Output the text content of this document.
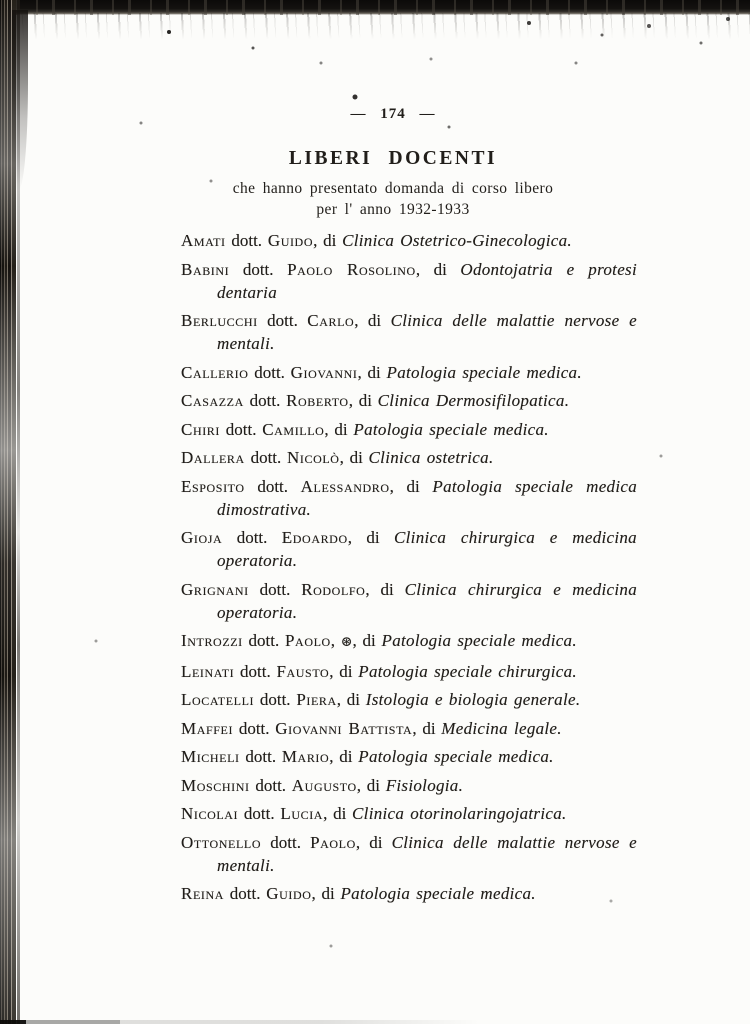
— 174 —
LIBERI DOCENTI
che hanno presentato domanda di corso libero
per l' anno 1932-1933

Amati dott. Guido, di Clinica Ostetrico-Ginecologica.

Babini dott. Paolo Rosolino, di Odontojatria e protesi dentaria

Berlucchi dott. Carlo, di Clinica delle malattie nervose e mentali.

Callerio dott. Giovanni, di Patologia speciale medica.

Casazza dott. Roberto, di Clinica Dermosifilopatica.

Chiri dott. Camillo, di Patologia speciale medica.

Dallera dott. Nicolò, di Clinica ostetrica.

Esposito dott. Alessandro, di Patologia speciale medica dimostrativa.

Gioja dott. Edoardo, di Clinica chirurgica e medicina operatoria.

Grignani dott. Rodolfo, di Clinica chirurgica e medicina operatoria.

Introzzi dott. Paolo, ⊛, di Patologia speciale medica.

Leinati dott. Fausto, di Patologia speciale chirurgica.

Locatelli dott. Piera, di Istologia e biologia generale.

Maffei dott. Giovanni Battista, di Medicina legale.

Micheli dott. Mario, di Patologia speciale medica.

Moschini dott. Augusto, di Fisiologia.

Nicolai dott. Lucia, di Clinica otorinolaringojatrica.

Ottonello dott. Paolo, di Clinica delle malattie nervose e mentali.

Reina dott. Guido, di Patologia speciale medica.
